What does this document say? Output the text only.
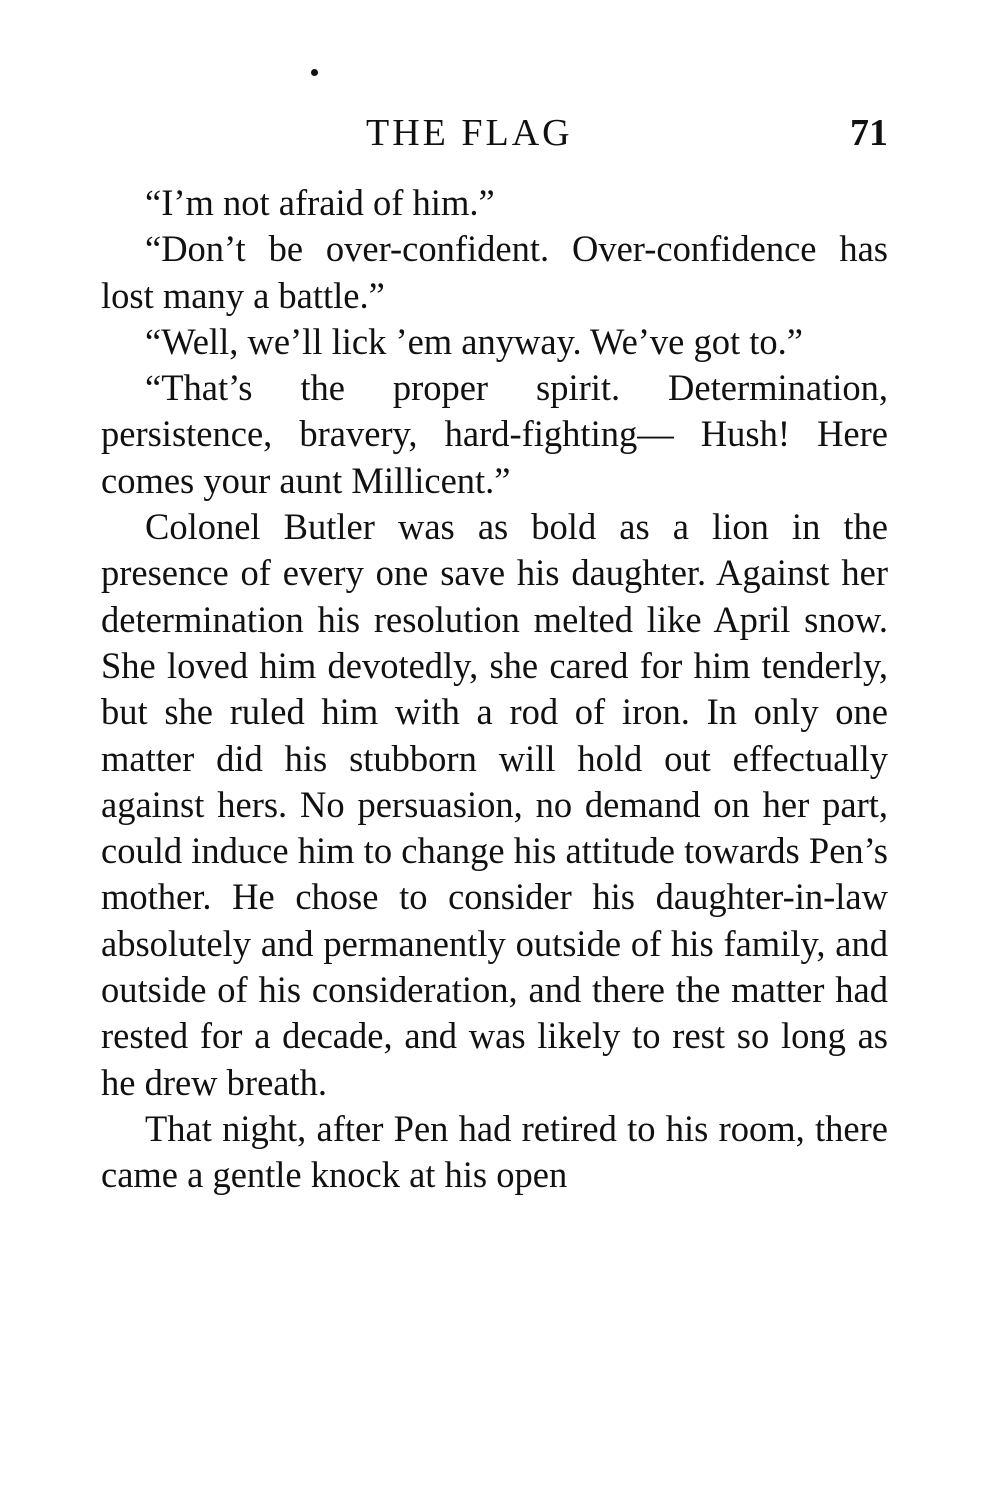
THE FLAG	71

“I’m not afraid of him.”

“Don’t be over-confident. Over-confidence has lost many a battle.”

“Well, we’ll lick ’em anyway. We’ve got to.”

“That’s the proper spirit. Determination, persistence, bravery, hard-fighting— Hush! Here comes your aunt Millicent.”

Colonel Butler was as bold as a lion in the presence of every one save his daughter. Against her determination his resolution melted like April snow. She loved him devotedly, she cared for him tenderly, but she ruled him with a rod of iron. In only one matter did his stubborn will hold out effectually against hers. No persuasion, no demand on her part, could induce him to change his attitude towards Pen’s mother. He chose to consider his daughter-in-law absolutely and permanently outside of his family, and outside of his consideration, and there the matter had rested for a decade, and was likely to rest so long as he drew breath.

That night, after Pen had retired to his room, there came a gentle knock at his open
